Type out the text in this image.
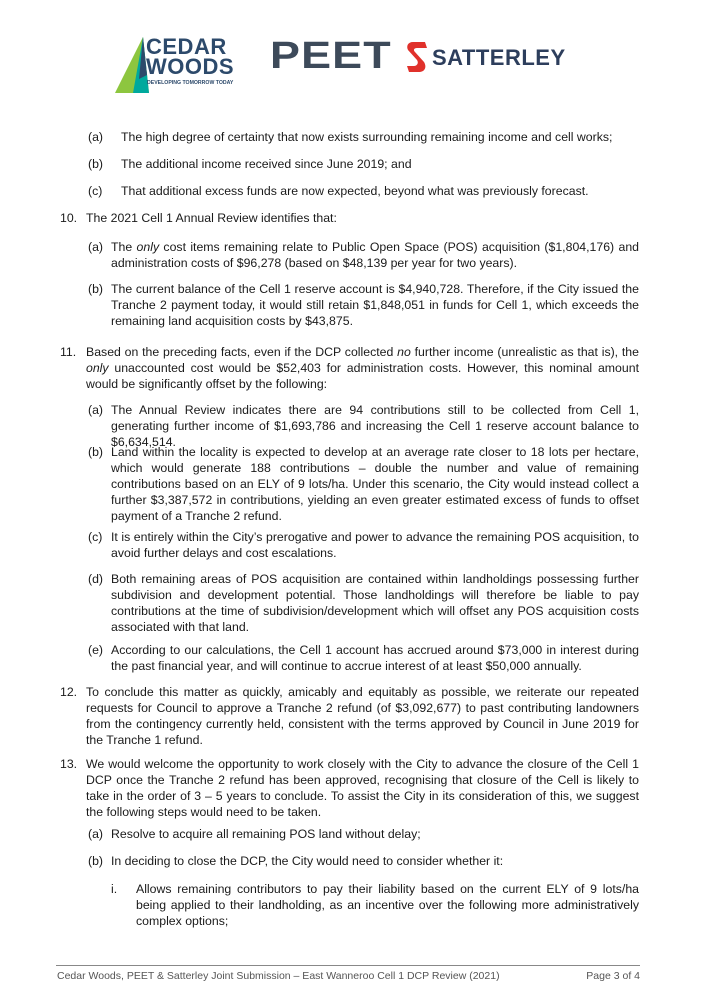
CEDAR
WOODS
DEVELOPING TOMORROW TODAY
PEET SATTERLEY
(a) The high degree of certainty that now exists surrounding remaining income and cell works;
(b) The additional income received since June 2019; and
(c) That additional excess funds are now expected, beyond what was previously forecast.
10. The 2021 Cell 1 Annual Review identifies that:
(a) The only cost items remaining relate to Public Open Space (POS) acquisition ($1,804,176) and administration costs of $96,278 (based on $48,139 per year for two years).
(b) The current balance of the Cell 1 reserve account is $4,940,728. Therefore, if the City issued the Tranche 2 payment today, it would still retain $1,848,051 in funds for Cell 1, which exceeds the remaining land acquisition costs by $43,875.
11. Based on the preceding facts, even if the DCP collected no further income (unrealistic as that is), the only unaccounted cost would be $52,403 for administration costs. However, this nominal amount would be significantly offset by the following:
(a) The Annual Review indicates there are 94 contributions still to be collected from Cell 1, generating further income of $1,693,786 and increasing the Cell 1 reserve account balance to $6,634,514.
(b) Land within the locality is expected to develop at an average rate closer to 18 lots per hectare, which would generate 188 contributions – double the number and value of remaining contributions based on an ELY of 9 lots/ha. Under this scenario, the City would instead collect a further $3,387,572 in contributions, yielding an even greater estimated excess of funds to offset payment of a Tranche 2 refund.
(c) It is entirely within the City’s prerogative and power to advance the remaining POS acquisition, to avoid further delays and cost escalations.
(d) Both remaining areas of POS acquisition are contained within landholdings possessing further subdivision and development potential. Those landholdings will therefore be liable to pay contributions at the time of subdivision/development which will offset any POS acquisition costs associated with that land.
(e) According to our calculations, the Cell 1 account has accrued around $73,000 in interest during the past financial year, and will continue to accrue interest of at least $50,000 annually.
12. To conclude this matter as quickly, amicably and equitably as possible, we reiterate our repeated requests for Council to approve a Tranche 2 refund (of $3,092,677) to past contributing landowners from the contingency currently held, consistent with the terms approved by Council in June 2019 for the Tranche 1 refund.
13. We would welcome the opportunity to work closely with the City to advance the closure of the Cell 1 DCP once the Tranche 2 refund has been approved, recognising that closure of the Cell is likely to take in the order of 3 – 5 years to conclude. To assist the City in its consideration of this, we suggest the following steps would need to be taken.
(a) Resolve to acquire all remaining POS land without delay;
(b) In deciding to close the DCP, the City would need to consider whether it:
i. Allows remaining contributors to pay their liability based on the current ELY of 9 lots/ha being applied to their landholding, as an incentive over the following more administratively complex options;
Cedar Woods, PEET & Satterley Joint Submission – East Wanneroo Cell 1 DCP Review (2021)	Page 3 of 4
